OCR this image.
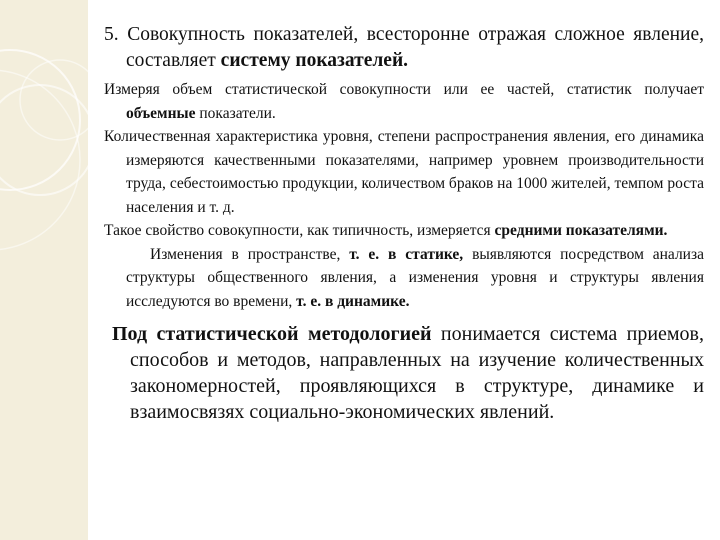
5. Совокупность показателей, всесторонне отражая сложное явление, составляет систему показателей.

Измеряя объем статистической совокупности или ее частей, статистик получает объемные показатели.

Количественная характеристика уровня, степени распространения явления, его динамика измеряются качественными показателями, например уровнем производительности труда, себестоимостью продукции, количеством браков на 1000 жителей, темпом роста населения и т. д.

Такое свойство совокупности, как типичность, измеряется средними показателями.

Изменения в пространстве, т. е. в статике, выявляются посредством анализа структуры общественного явления, а изменения уровня и структуры явления исследуются во времени, т. е. в динамике.

Под статистической методологией понимается система приемов, способов и методов, направленных на изучение количественных закономерностей, проявляющихся в структуре, динамике и взаимосвязях социально-экономических явлений.
